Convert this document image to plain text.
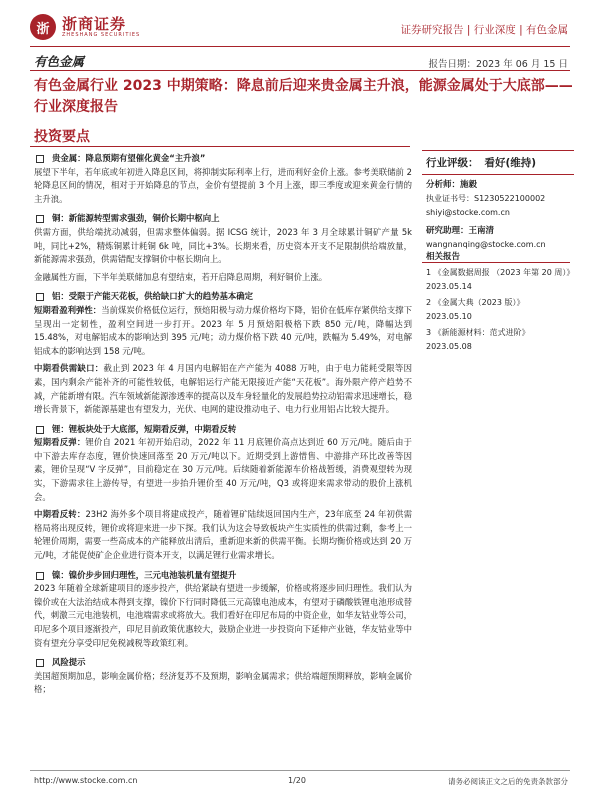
浙 浙商证券
ZHESHANG SECURITIES	证券研究报告 | 行业深度 | 有色金属
有色金属	报告日期：2023 年 06 月 15 日
有色金属行业 2023 中期策略：降息前后迎来贵金属主升浪，能源金属处于大底部——行业深度报告
投资要点
贵金属：降息预期有望催化黄金“主升浪”
展望下半年，若年底或年初进入降息区间，将抑制实际利率上行，进而利好金价上涨。参考美联储前 2 轮降息区间的情况，相对于开始降息的节点，金价有望提前 3 个月上涨，即三季度或迎来黄金行情的主升浪。
铜：新能源转型需求强劲，铜价长期中枢向上
供需方面，供给端扰动减弱，但需求整体偏弱。据 ICSG 统计，2023 年 3 月全球累计铜矿产量 5k 吨，同比+2%，精炼铜累计耗铜 6k 吨，同比+3%。长期来看，历史资本开支不足限制供给端放量，新能源需求强劲，供需错配支撑铜价中枢长期向上。
金融属性方面，下半年美联储加息有望结束，若开启降息周期，利好铜价上涨。
铝：受限于产能天花板，供给缺口扩大的趋势基本确定
短期看盈利弹性：当前煤炭价格低位运行，预焙阳极与动力煤价格均下降，铝价在低库存紧供给支撑下呈现出一定韧性，盈利空间进一步打开。2023 年 5 月预焙阳极格下跌 850 元/吨，降幅达到 15.48%，对电解铝成本的影响达到 395 元/吨；动力煤价格下跌 40 元/吨，跌幅为 5.49%，对电解铝成本的影响达到 158 元/吨。
中期看供需缺口：截止到 2023 年 4 月国内电解铝在产产能为 4088 万吨，由于电力能耗受限等因素，国内剩余产能补齐的可能性较低，电解铝运行产能无限接近产能“天花板”。海外限产停产趋势不减，产能新增有限。汽车领域新能源渗透率的提高以及车身轻量化的发展趋势拉动铝需求迅速增长，稳增长背景下，新能源基建也有望发力，光伏、电网的建设推动电子、电力行业用铝占比较大提升。
锂：锂板块处于大底部，短期看反弹，中期看反转
短期看反弹：锂价自 2021 年初开始启动，2022 年 11 月底锂价高点达到近 60 万元/吨。随后由于中下游去库存态度，锂价快速回落至 20 万元/吨以下。近期受到上游惜售、中游排产环比改善等因素，锂价呈现“V 字反弹”，目前稳定在 30 万元/吨。后续随着新能源车价格战暂缓，消费观望转为现实，下游需求往上游传导，有望进一步抬升锂价至 40 万元/吨，Q3 或将迎来需求带动的股价上涨机会。
中期看反转：23H2 海外多个项目将建成投产，随着锂矿陆续返回国内生产，23年底至 24 年初供需格局将出现反转，锂价或将迎来进一步下探。我们认为这会导致板块产生实质性的供需过剩，参考上一轮锂价周期，需要一些高成本的产能释放出清后，重新迎来新的供需平衡。长期均衡价格或达到 20 万元/吨，才能促使矿企企业进行资本开支，以满足锂行业需求增长。
镍：镍价步步回归理性，三元电池装机量有望提升
2023 年随着全球新建项目的逐步投产，供给紧缺有望进一步缓解，价格或将逐步回归理性。我们认为镍价或在大法治结成本得到支撑，镍价下行同时降低三元高镍电池成本，有望对于磷酸铁锂电池形成替代，刺激三元电池装机，电池端需求或将放大。我们看好在印尼布局的中资企业，如华友钴业等公司，印尼多个项目逐渐投产，印尼目前政策优惠较大，鼓励企业进一步投资向下延伸产业链，华友钴业等中资有望充分享受印尼免税减税等政策红利。
风险提示
美国超预期加息，影响金属价格；经济复苏不及预期，影响金属需求；供给端超预期释放，影响金属价格；
行业评级： 看好(维持)
分析师：施毅
执业证书号：S1230522100002
shiyi@stocke.com.cn
研究助理：王南清
wangnanqing@stocke.com.cn
相关报告
1 《金属数据周报 （2023 年第 20 周）》
2023.05.14
2 《金属大典（2023 版）》
2023.05.10
3 《新能源材料：范式进阶》
2023.05.08
http://www.stocke.com.cn	1/20	请务必阅读正文之后的免责条款部分
